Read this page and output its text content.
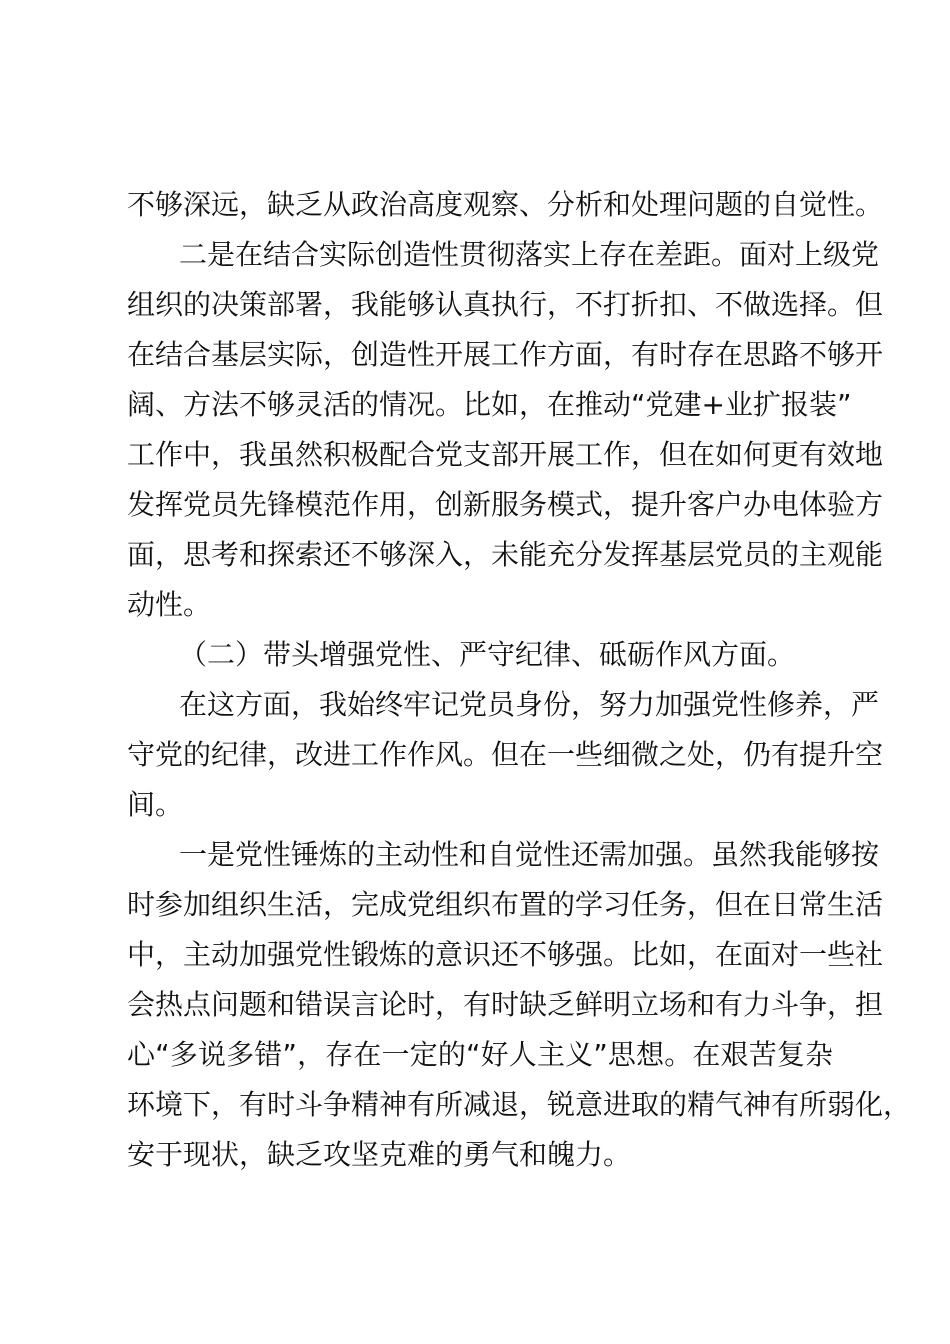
不够深远，缺乏从政治高度观察、分析和处理问题的自觉性。
二是在结合实际创造性贯彻落实上存在差距。面对上级党
组织的决策部署，我能够认真执行，不打折扣、不做选择。但
在结合基层实际，创造性开展工作方面，有时存在思路不够开
阔、方法不够灵活的情况。比如，在推动“党建+业扩报装”
工作中，我虽然积极配合党支部开展工作，但在如何更有效地
发挥党员先锋模范作用，创新服务模式，提升客户办电体验方
面，思考和探索还不够深入，未能充分发挥基层党员的主观能
动性。
（二）带头增强党性、严守纪律、砥砺作风方面。
在这方面，我始终牢记党员身份，努力加强党性修养，严
守党的纪律，改进工作作风。但在一些细微之处，仍有提升空
间。
一是党性锤炼的主动性和自觉性还需加强。虽然我能够按
时参加组织生活，完成党组织布置的学习任务，但在日常生活
中，主动加强党性锻炼的意识还不够强。比如，在面对一些社
会热点问题和错误言论时，有时缺乏鲜明立场和有力斗争，担
心“多说多错”，存在一定的“好人主义”思想。在艰苦复杂
环境下，有时斗争精神有所减退，锐意进取的精气神有所弱化，
安于现状，缺乏攻坚克难的勇气和魄力。
